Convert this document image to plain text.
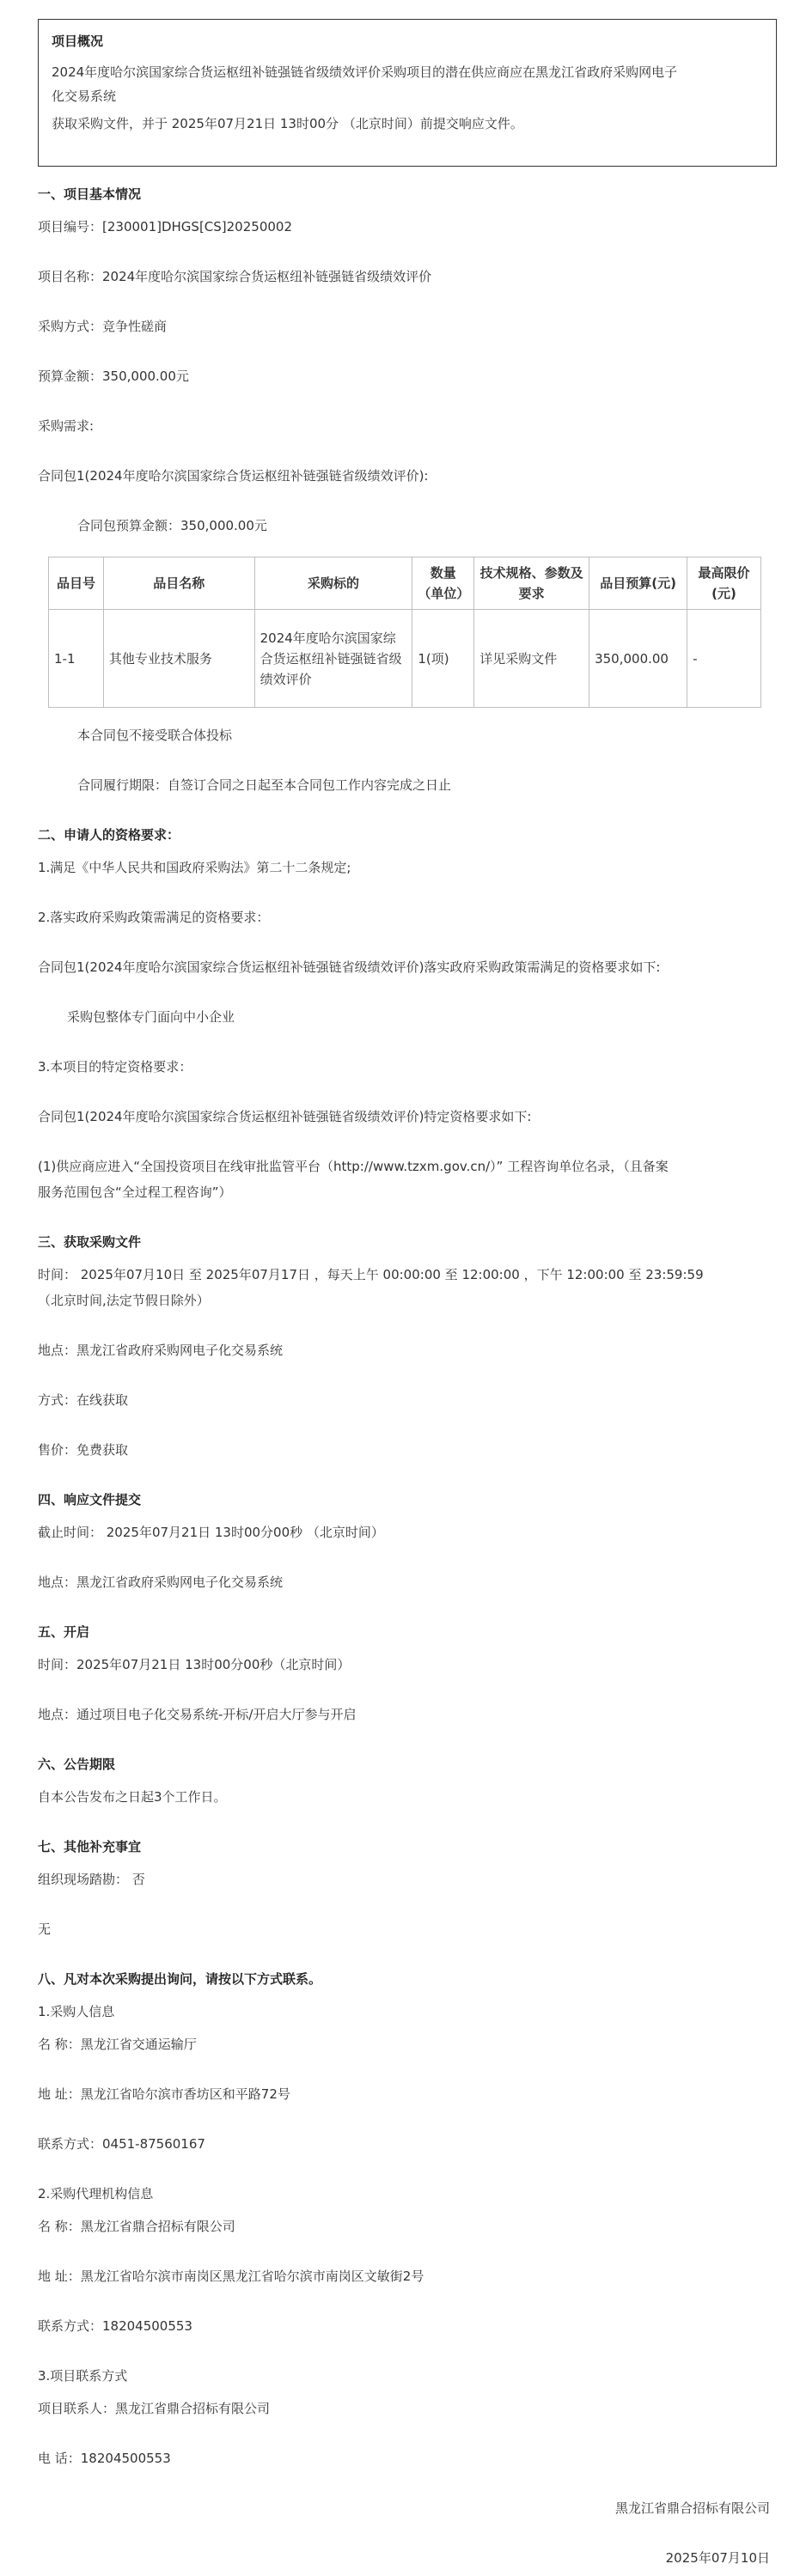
项目概况
2024年度哈尔滨国家综合货运枢纽补链强链省级绩效评价采购项目的潜在供应商应在黑龙江省政府采购网电子
化交易系统
获取采购文件，并于 2025年07月21日 13时00分 （北京时间）前提交响应文件。
一、项目基本情况
项目编号：[230001]DHGS[CS]20250002
项目名称：2024年度哈尔滨国家综合货运枢纽补链强链省级绩效评价
采购方式：竞争性磋商
预算金额：350,000.00元
采购需求:
合同包1(2024年度哈尔滨国家综合货运枢纽补链强链省级绩效评价):
合同包预算金额：350,000.00元
品目号	品目名称	采购标的	数量（单位）	技术规格、参数及要求	品目预算(元)	最高限价(元)
1-1	其他专业技术服务	2024年度哈尔滨国家综合货运枢纽补链强链省级绩效评价	1(项)	详见采购文件	350,000.00	-
本合同包不接受联合体投标
合同履行期限：自签订合同之日起至本合同包工作内容完成之日止
二、申请人的资格要求：
1.满足《中华人民共和国政府采购法》第二十二条规定;
2.落实政府采购政策需满足的资格要求：
合同包1(2024年度哈尔滨国家综合货运枢纽补链强链省级绩效评价)落实政府采购政策需满足的资格要求如下:
采购包整体专门面向中小企业
3.本项目的特定资格要求：
合同包1(2024年度哈尔滨国家综合货运枢纽补链强链省级绩效评价)特定资格要求如下:
(1)供应商应进入“全国投资项目在线审批监管平台（http://www.tzxm.gov.cn/）” 工程咨询单位名录，（且备案
服务范围包含“全过程工程咨询”）
三、获取采购文件
时间： 2025年07月10日 至 2025年07月17日 ，每天上午 00:00:00 至 12:00:00 ，下午 12:00:00 至 23:59:59
（北京时间,法定节假日除外）
地点：黑龙江省政府采购网电子化交易系统
方式：在线获取
售价：免费获取
四、响应文件提交
截止时间： 2025年07月21日 13时00分00秒 （北京时间）
地点：黑龙江省政府采购网电子化交易系统
五、开启
时间：2025年07月21日 13时00分00秒（北京时间）
地点：通过项目电子化交易系统-开标/开启大厅参与开启
六、公告期限
自本公告发布之日起3个工作日。
七、其他补充事宜
组织现场踏勘： 否
无
八、凡对本次采购提出询问，请按以下方式联系。
1.采购人信息
名 称：黑龙江省交通运输厅
地 址：黑龙江省哈尔滨市香坊区和平路72号
联系方式：0451-87560167
2.采购代理机构信息
名 称：黑龙江省鼎合招标有限公司
地 址：黑龙江省哈尔滨市南岗区黑龙江省哈尔滨市南岗区文敏街2号
联系方式：18204500553
3.项目联系方式
项目联系人：黑龙江省鼎合招标有限公司
电 话：18204500553
黑龙江省鼎合招标有限公司
2025年07月10日
